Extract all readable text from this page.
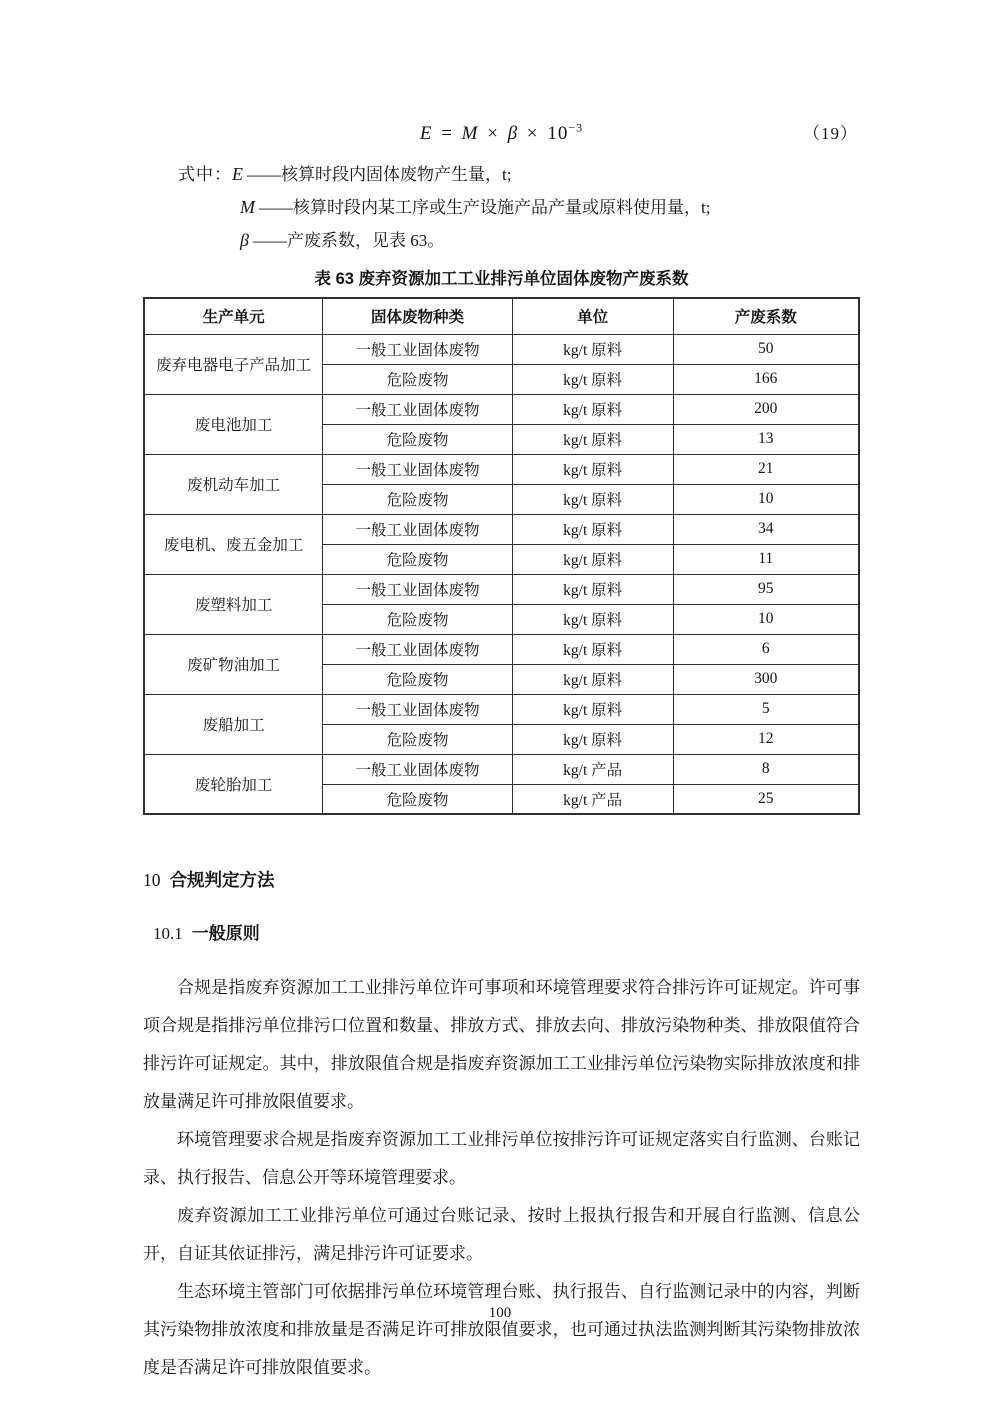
$E = M \times \beta \times 10^{-3}$	（19）
式中：E ——核算时段内固体废物产生量，t;
M ——核算时段内某工序或生产设施产品产量或原料使用量，t;
β ——产废系数，见表 63。
表 63 废弃资源加工工业排污单位固体废物产废系数
生产单元	固体废物种类	单位	产废系数
废弃电器电子产品加工	一般工业固体废物	kg/t 原料	50
	危险废物	kg/t 原料	166
废电池加工	一般工业固体废物	kg/t 原料	200
	危险废物	kg/t 原料	13
废机动车加工	一般工业固体废物	kg/t 原料	21
	危险废物	kg/t 原料	10
废电机、废五金加工	一般工业固体废物	kg/t 原料	34
	危险废物	kg/t 原料	11
废塑料加工	一般工业固体废物	kg/t 原料	95
	危险废物	kg/t 原料	10
废矿物油加工	一般工业固体废物	kg/t 原料	6
	危险废物	kg/t 原料	300
废船加工	一般工业固体废物	kg/t 原料	5
	危险废物	kg/t 原料	12
废轮胎加工	一般工业固体废物	kg/t 产品	8
	危险废物	kg/t 产品	25
10 合规判定方法
10.1 一般原则

合规是指废弃资源加工工业排污单位许可事项和环境管理要求符合排污许可证规定。许可事项合规是指排污单位排污口位置和数量、排放方式、排放去向、排放污染物种类、排放限值符合排污许可证规定。其中，排放限值合规是指废弃资源加工工业排污单位污染物实际排放浓度和排放量满足许可排放限值要求。

环境管理要求合规是指废弃资源加工工业排污单位按排污许可证规定落实自行监测、台账记录、执行报告、信息公开等环境管理要求。

废弃资源加工工业排污单位可通过台账记录、按时上报执行报告和开展自行监测、信息公开，自证其依证排污，满足排污许可证要求。

生态环境主管部门可依据排污单位环境管理台账、执行报告、自行监测记录中的内容，判断其污染物排放浓度和排放量是否满足许可排放限值要求，也可通过执法监测判断其污染物排放浓度是否满足许可排放限值要求。

100
